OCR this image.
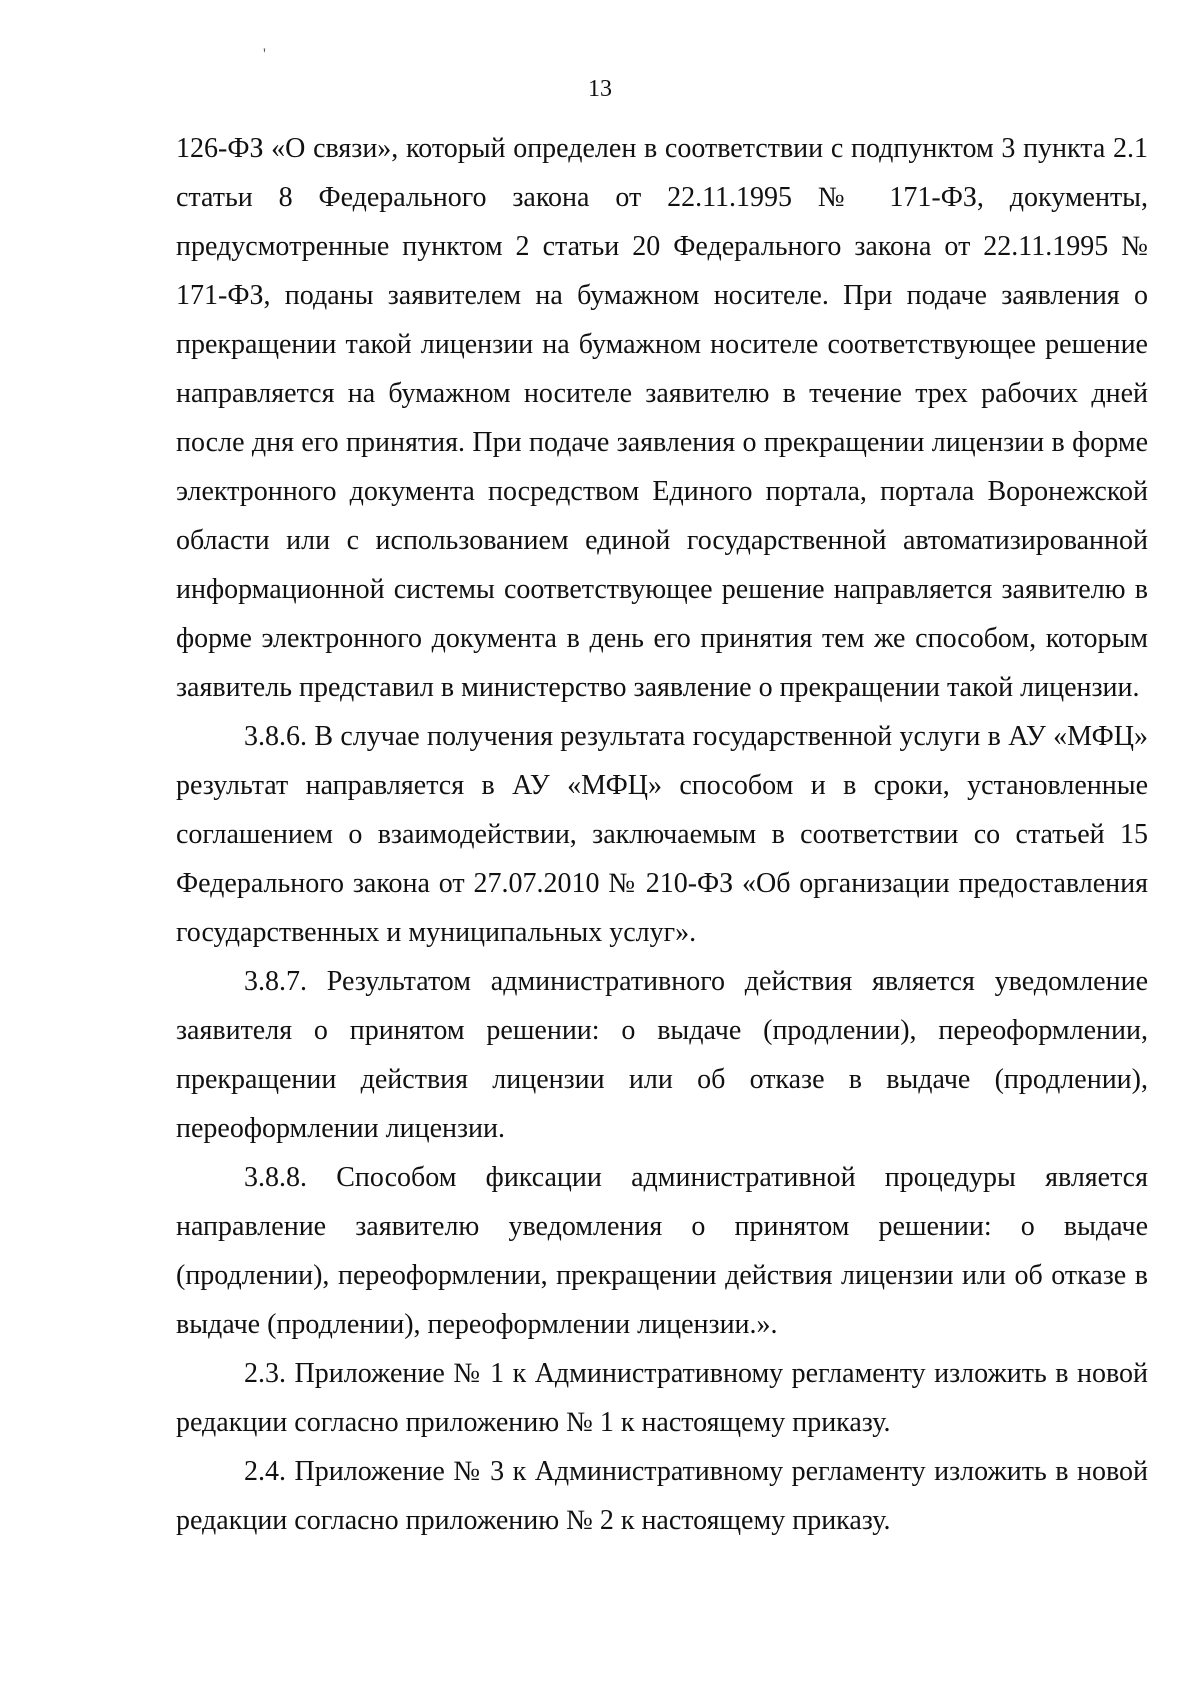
'
13

126-ФЗ «О связи», который определен в соответствии с подпунктом 3 пункта 2.1 статьи 8 Федерального закона от 22.11.1995 № 171-ФЗ, документы, предусмотренные пунктом 2 статьи 20 Федерального закона от 22.11.1995 № 171-ФЗ, поданы заявителем на бумажном носителе. При подаче заявления о прекращении такой лицензии на бумажном носителе соответствующее решение направляется на бумажном носителе заявителю в течение трех рабочих дней после дня его принятия. При подаче заявления о прекращении лицензии в форме электронного документа посредством Единого портала, портала Воронежской области или с использованием единой государственной автоматизированной информационной системы соответствующее решение направляется заявителю в форме электронного документа в день его принятия тем же способом, которым заявитель представил в министерство заявление о прекращении такой лицензии.

3.8.6. В случае получения результата государственной услуги в АУ «МФЦ» результат направляется в АУ «МФЦ» способом и в сроки, установленные соглашением о взаимодействии, заключаемым в соответствии со статьей 15 Федерального закона от 27.07.2010 № 210-ФЗ «Об организации предоставления государственных и муниципальных услуг».

3.8.7. Результатом административного действия является уведомление заявителя о принятом решении: о выдаче (продлении), переоформлении, прекращении действия лицензии или об отказе в выдаче (продлении), переоформлении лицензии.

3.8.8. Способом фиксации административной процедуры является направление заявителю уведомления о принятом решении: о выдаче (продлении), переоформлении, прекращении действия лицензии или об отказе в выдаче (продлении), переоформлении лицензии.».

2.3. Приложение № 1 к Административному регламенту изложить в новой редакции согласно приложению № 1 к настоящему приказу.

2.4. Приложение № 3 к Административному регламенту изложить в новой редакции согласно приложению № 2 к настоящему приказу.
